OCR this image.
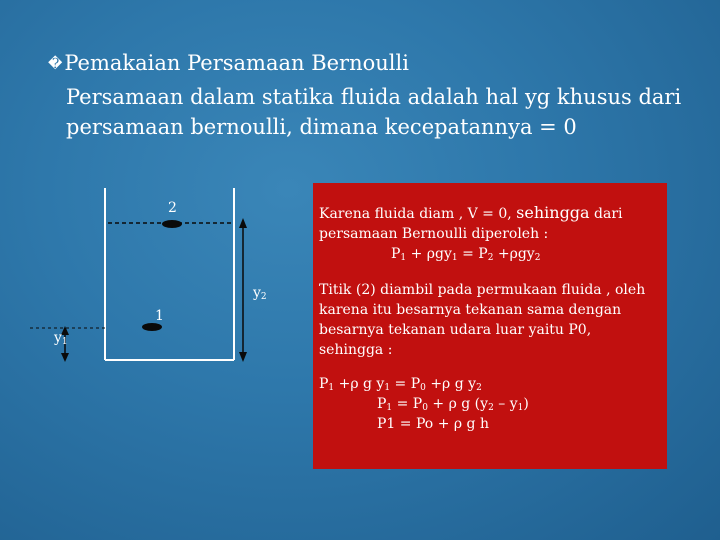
�Pemakaian Persamaan Bernoulli
Persamaan dalam statika fluida adalah hal yg khusus dari persamaan bernoulli, dimana kecepatannya = 0
2
1
$y_2$
$y_1$

Karena fluida diam , V = 0, sehingga dari persamaan Bernoulli diperoleh :

$P_1 + \rho gy_1 = P_2 +\rho gy_2$

Titik (2) diambil pada permukaan fluida , oleh karena itu besarnya tekanan sama dengan besarnya tekanan udara luar yaitu P0, sehingga :

$P_1 +\rho$ g $y_1 = P_0 +\rho$ g $y_2$

$P_1 = P_0 + \rho$ g $(y_2 - y_1)$

P1 = Po + ρ g h
